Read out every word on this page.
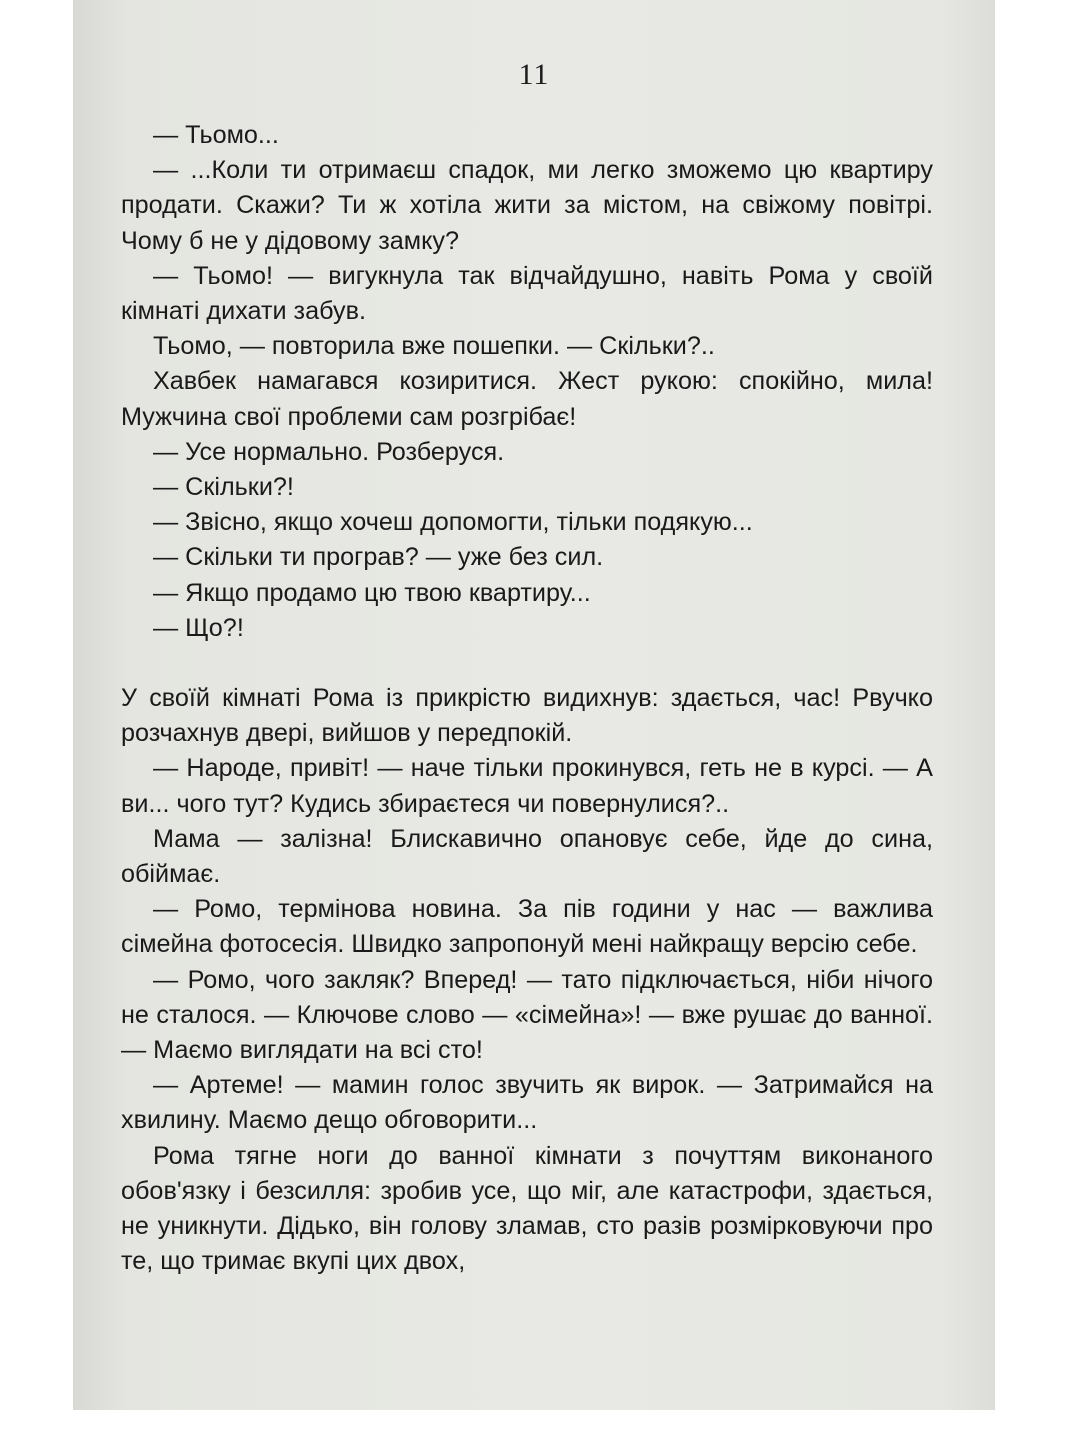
11

— Тьомо...

— ...Коли ти отримаєш спадок, ми легко зможемо цю квартиру продати. Скажи? Ти ж хотіла жити за містом, на свіжому повітрі. Чому б не у дідовому замку?

— Тьомо! — вигукнула так відчайдушно, навіть Рома у своїй кімнаті дихати забув.

Тьомо, — повторила вже пошепки. — Скільки?..

Хавбек намагався козиритися. Жест рукою: спокійно, мила! Мужчина свої проблеми сам розгрібає!

— Усе нормально. Розберуся.

— Скільки?!

— Звісно, якщо хочеш допомогти, тільки подякую...

— Скільки ти програв? — уже без сил.

— Якщо продамо цю твою квартиру...

— Що?!

У своїй кімнаті Рома із прикрістю видихнув: здається, час! Рвучко розчахнув двері, вийшов у передпокій.

— Народе, привіт! — наче тільки прокинувся, геть не в курсі. — А ви... чого тут? Кудись збираєтеся чи повернулися?..

Мама — залізна! Блискавично опановує себе, йде до сина, обіймає.

— Ромо, термінова новина. За пів години у нас — важлива сімейна фотосесія. Швидко запропонуй мені найкращу версію себе.

— Ромо, чого закляк? Вперед! — тато підключається, ніби нічого не сталося. — Ключове слово — «сімейна»! — вже рушає до ванної. — Маємо виглядати на всі сто!

— Артеме! — мамин голос звучить як вирок. — Затримайся на хвилину. Маємо дещо обговорити...

Рома тягне ноги до ванної кімнати з почуттям виконаного обов'язку і безсилля: зробив усе, що міг, але катастрофи, здається, не уникнути. Дідько, він голову зламав, сто разів розмірковуючи про те, що тримає вкупі цих двох,
